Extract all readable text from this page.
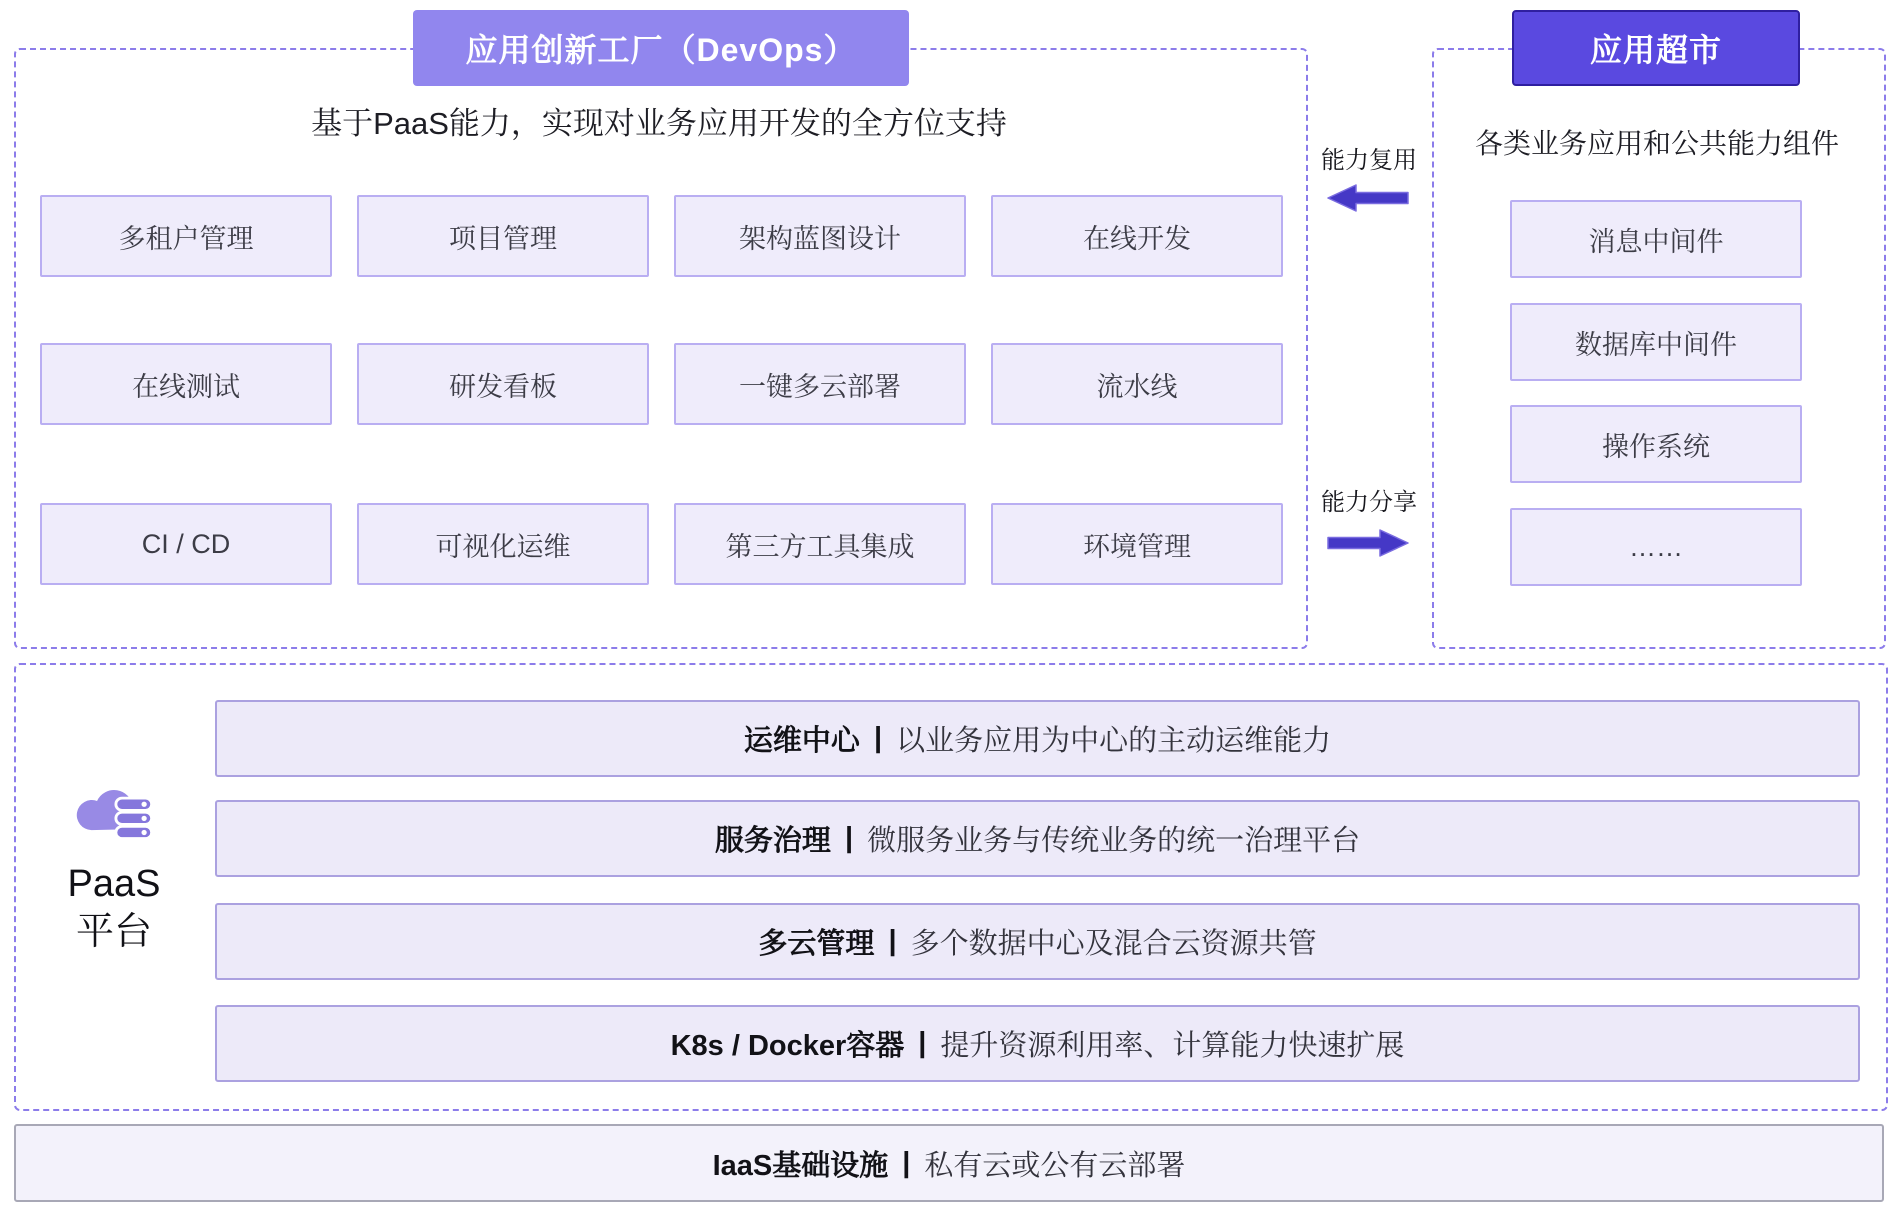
应用创新工厂（DevOps）
基于PaaS能力，实现对业务应用开发的全方位支持
多租户管理	项目管理	架构蓝图设计	在线开发
在线测试	研发看板	一键多云部署	流水线
CI / CD	可视化运维	第三方工具集成	环境管理
能力复用
能力分享
应用超市
各类业务应用和公共能力组件
消息中间件
数据库中间件
操作系统
……
PaaS
平台
运维中心 | 以业务应用为中心的主动运维能力
服务治理 | 微服务业务与传统业务的统一治理平台
多云管理 | 多个数据中心及混合云资源共管
K8s / Docker容器 | 提升资源利用率、计算能力快速扩展
IaaS基础设施 | 私有云或公有云部署
